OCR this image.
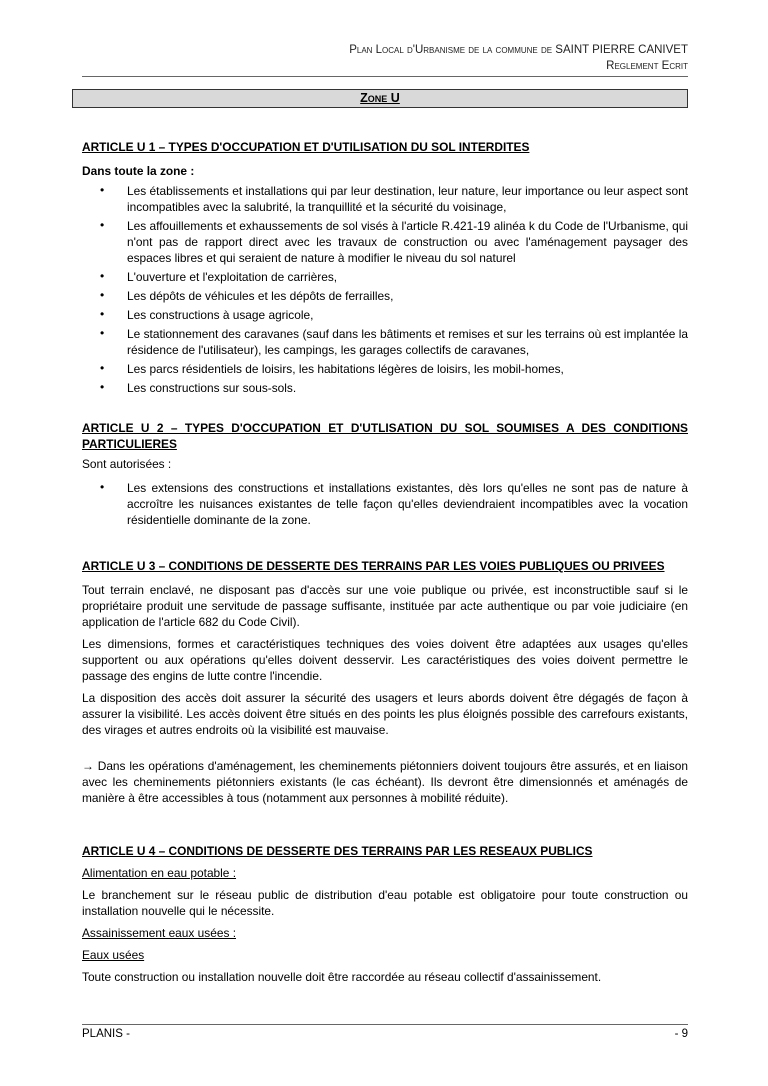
Plan Local d'Urbanisme de la commune de SAINT PIERRE CANIVET
Reglement Ecrit
Zone U

ARTICLE U 1 – TYPES D'OCCUPATION ET D'UTILISATION DU SOL INTERDITES

Dans toute la zone :

• Les établissements et installations qui par leur destination, leur nature, leur importance ou leur aspect sont incompatibles avec la salubrité, la tranquillité et la sécurité du voisinage,
• Les affouillements et exhaussements de sol visés à l'article R.421-19 alinéa k du Code de l'Urbanisme, qui n'ont pas de rapport direct avec les travaux de construction ou avec l'aménagement paysager des espaces libres et qui seraient de nature à modifier le niveau du sol naturel
• L'ouverture et l'exploitation de carrières,
• Les dépôts de véhicules et les dépôts de ferrailles,
• Les constructions à usage agricole,
• Le stationnement des caravanes (sauf dans les bâtiments et remises et sur les terrains où est implantée la résidence de l'utilisateur), les campings, les garages collectifs de caravanes,
• Les parcs résidentiels de loisirs, les habitations légères de loisirs, les mobil-homes,
• Les constructions sur sous-sols.

ARTICLE U 2 – TYPES D'OCCUPATION ET D'UTLISATION DU SOL SOUMISES A DES CONDITIONS PARTICULIERES

Sont autorisées :

• Les extensions des constructions et installations existantes, dès lors qu'elles ne sont pas de nature à accroître les nuisances existantes de telle façon qu'elles deviendraient incompatibles avec la vocation résidentielle dominante de la zone.

ARTICLE U 3 – CONDITIONS DE DESSERTE DES TERRAINS PAR LES VOIES PUBLIQUES OU PRIVEES

Tout terrain enclavé, ne disposant pas d'accès sur une voie publique ou privée, est inconstructible sauf si le propriétaire produit une servitude de passage suffisante, instituée par acte authentique ou par voie judiciaire (en application de l'article 682 du Code Civil).

Les dimensions, formes et caractéristiques techniques des voies doivent être adaptées aux usages qu'elles supportent ou aux opérations qu'elles doivent desservir. Les caractéristiques des voies doivent permettre le passage des engins de lutte contre l'incendie.

La disposition des accès doit assurer la sécurité des usagers et leurs abords doivent être dégagés de façon à assurer la visibilité. Les accès doivent être situés en des points les plus éloignés possible des carrefours existants, des virages et autres endroits où la visibilité est mauvaise.

→ Dans les opérations d'aménagement, les cheminements piétonniers doivent toujours être assurés, et en liaison avec les cheminements piétonniers existants (le cas échéant). Ils devront être dimensionnés et aménagés de manière à être accessibles à tous (notamment aux personnes à mobilité réduite).

ARTICLE U 4 – CONDITIONS DE DESSERTE DES TERRAINS PAR LES RESEAUX PUBLICS

Alimentation en eau potable :

Le branchement sur le réseau public de distribution d'eau potable est obligatoire pour toute construction ou installation nouvelle qui le nécessite.

Assainissement eaux usées :

Eaux usées

Toute construction ou installation nouvelle doit être raccordée au réseau collectif d'assainissement.

PLANIS -	- 9
